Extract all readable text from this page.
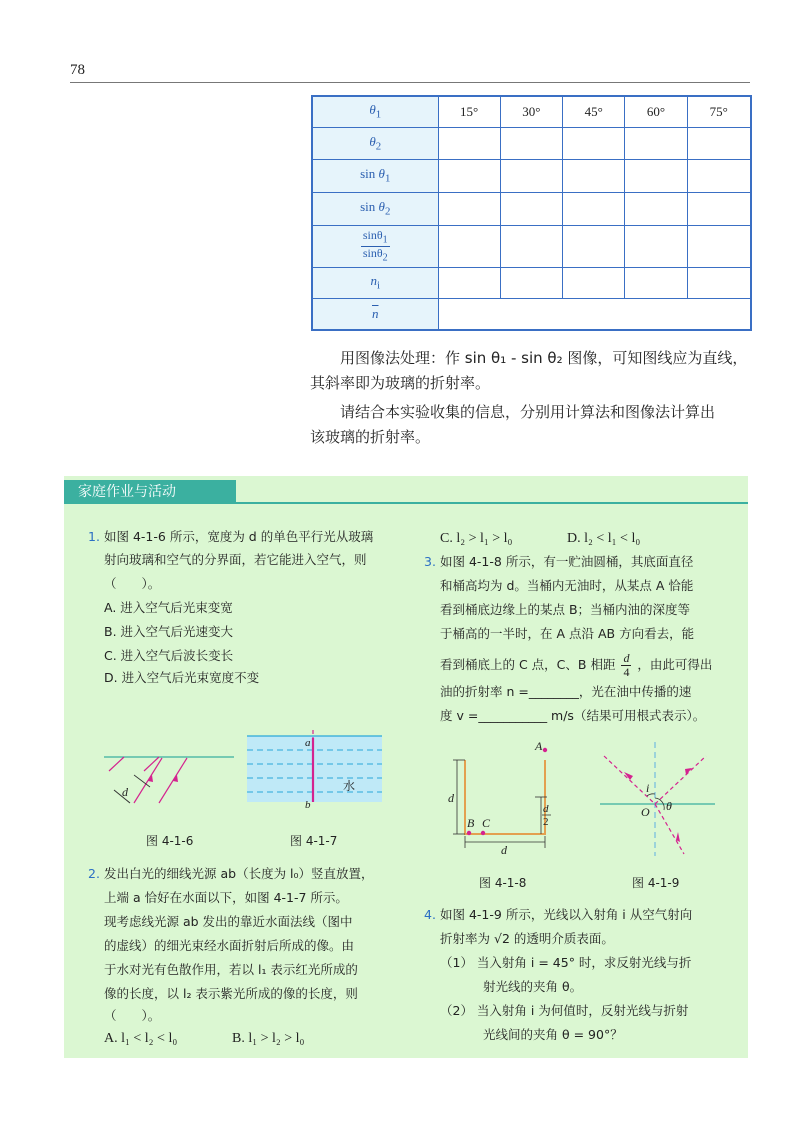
78
$\theta_1$	15°	30°	45°	60°	75°
$\theta_2$					
$\sin \theta_1$					
$\sin \theta_2$					

$\frac{\sin\theta_1}{\sin\theta_2}$

$n_i$					
$\overline{n}$	
用图像法处理：作 sin θ₁ - sin θ₂ 图像，可知图线应为直线，
其斜率即为玻璃的折射率。
请结合本实验收集的信息，分别用计算法和图像法计算出
该玻璃的折射率。
家庭作业与活动
1. 如图 4-1-6 所示，宽度为 d 的单色平行光从玻璃
射向玻璃和空气的分界面，若它能进入空气，则
（　　）。
A. 进入空气后光束变宽
B. 进入空气后光速变大
C. 进入空气后波长变长
D. 进入空气后光束宽度不变
d
图 4-1-6
a
b
水
图 4-1-7
2. 发出白光的细线光源 ab（长度为 l₀）竖直放置，
上端 a 恰好在水面以下，如图 4-1-7 所示。
现考虑线光源 ab 发出的靠近水面法线（图中
的虚线）的细光束经水面折射后所成的像。由
于水对光有色散作用，若以 l₁ 表示红光所成的
像的长度，以 l₂ 表示紫光所成的像的长度，则
（　　）。
A. l₁ < l₂ < l₀	B. l₁ > l₂ > l₀
C. l₂ > l₁ > l₀	D. l₂ < l₁ < l₀
3. 如图 4-1-8 所示，有一贮油圆桶，其底面直径
和桶高均为 d。当桶内无油时，从某点 A 恰能
看到桶底边缘上的某点 B；当桶内油的深度等
于桶高的一半时，在 A 点沿 AB 方向看去，能
看到桶底上的 C 点，C、B 相距 $\frac{d}{4}$ ，由此可得出
油的折射率 n =________，光在油中传播的速
度 v =___________ m/s（结果可用根式表示）。
A
B C
d
d
d
2
图 4-1-8
i
O θ
图 4-1-9
4. 如图 4-1-9 所示，光线以入射角 i 从空气射向
折射率为 √2 的透明介质表面。
（1） 当入射角 i = 45° 时，求反射光线与折
射光线的夹角 θ。
（2） 当入射角 i 为何值时，反射光线与折射
光线间的夹角 θ = 90°？
